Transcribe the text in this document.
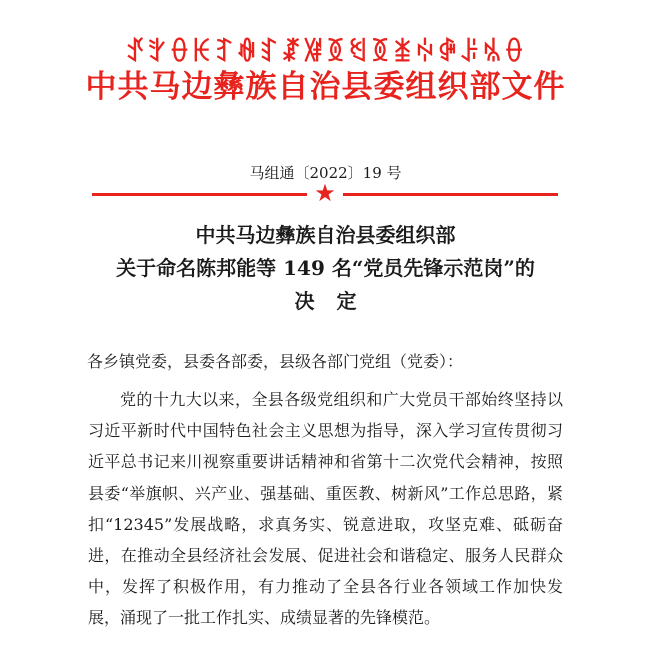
ꀋꇬꂷꀘꆈꊿꆏꊨꑤꅉꄔꅉꁧꏢꋤꌠꁱꂷ
中共马边彝族自治县委组织部文件
马组通〔2022〕19 号
★
中共马边彝族自治县委组织部
关于命名陈邦能等 149 名“党员先锋示范岗”的
决定
各乡镇党委，县委各部委，县级各部门党组（党委）：

党的十九大以来，全县各级党组织和广大党员干部始终坚持以习近平新时代中国特色社会主义思想为指导，深入学习宣传贯彻习近平总书记来川视察重要讲话精神和省第十二次党代会精神，按照县委“举旗帜、兴产业、强基础、重医教、树新风”工作总思路，紧扣“12345”发展战略，求真务实、锐意进取，攻坚克难、砥砺奋进，在推动全县经济社会发展、促进社会和谐稳定、服务人民群众中，发挥了积极作用，有力推动了全县各行业各领域工作加快发展，涌现了一批工作扎实、成绩显著的先锋模范。
